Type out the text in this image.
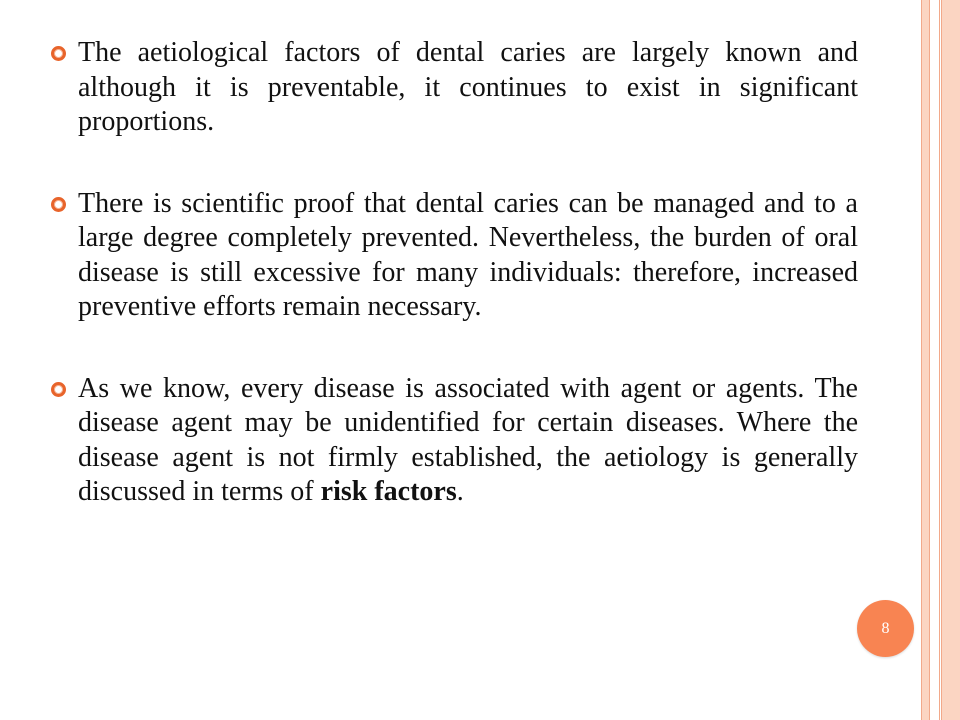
The aetiological factors of dental caries are largely known and although it is preventable, it continues to exist in significant proportions.
There is scientific proof that dental caries can be managed and to a large degree completely prevented. Nevertheless, the burden of oral disease is still excessive for many individuals: therefore, increased preventive efforts remain necessary.
As we know, every disease is associated with agent or agents. The disease agent may be unidentified for certain diseases. Where the disease agent is not firmly established, the aetiology is generally discussed in terms of risk factors.
8
